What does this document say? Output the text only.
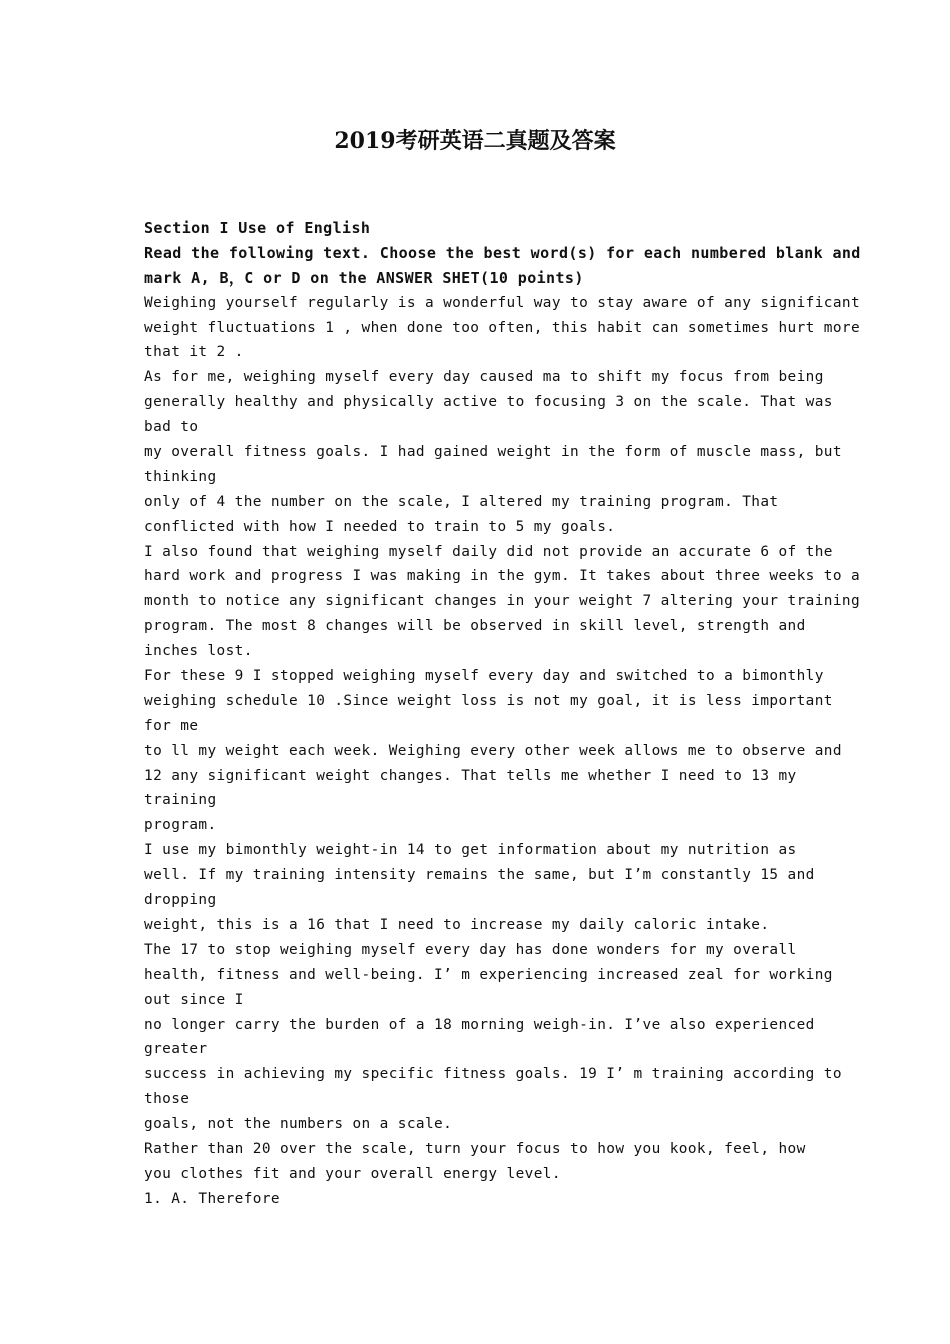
2019考研英语二真题及答案
Section I Use of English
Read the following text. Choose the best word(s) for each numbered blank and
mark A, B，C or D on the ANSWER SHET(10 points)
Weighing yourself regularly is a wonderful way to stay aware of any significant
weight fluctuations 1 , when done too often, this habit can sometimes hurt more
that it 2 .
As for me, weighing myself every day caused ma to shift my focus from being
generally healthy and physically active to focusing 3 on the scale. That was
bad to
my overall fitness goals. I had gained weight in the form of muscle mass, but
thinking
only of 4 the number on the scale, I altered my training program. That
conflicted with how I needed to train to 5 my goals.
I also found that weighing myself daily did not provide an accurate 6 of the
hard work and progress I was making in the gym. It takes about three weeks to a
month to notice any significant changes in your weight 7 altering your training
program. The most 8 changes will be observed in skill level, strength and
inches lost.
For these 9 I stopped weighing myself every day and switched to a bimonthly
weighing schedule 10 .Since weight loss is not my goal, it is less important
for me
to ll my weight each week. Weighing every other week allows me to observe and
12 any significant weight changes. That tells me whether I need to 13 my
training
program.
I use my bimonthly weight-in 14 to get information about my nutrition as
well. If my training intensity remains the same, but I’m constantly 15 and
dropping
weight, this is a 16 that I need to increase my daily caloric intake.
The 17 to stop weighing myself every day has done wonders for my overall
health, fitness and well-being. I’ m experiencing increased zeal for working
out since I
no longer carry the burden of a 18 morning weigh-in. I’ve also experienced
greater
success in achieving my specific fitness goals. 19 I’ m training according to
those
goals, not the numbers on a scale.
Rather than 20 over the scale, turn your focus to how you kook, feel, how
you clothes fit and your overall energy level.
1. A. Therefore
